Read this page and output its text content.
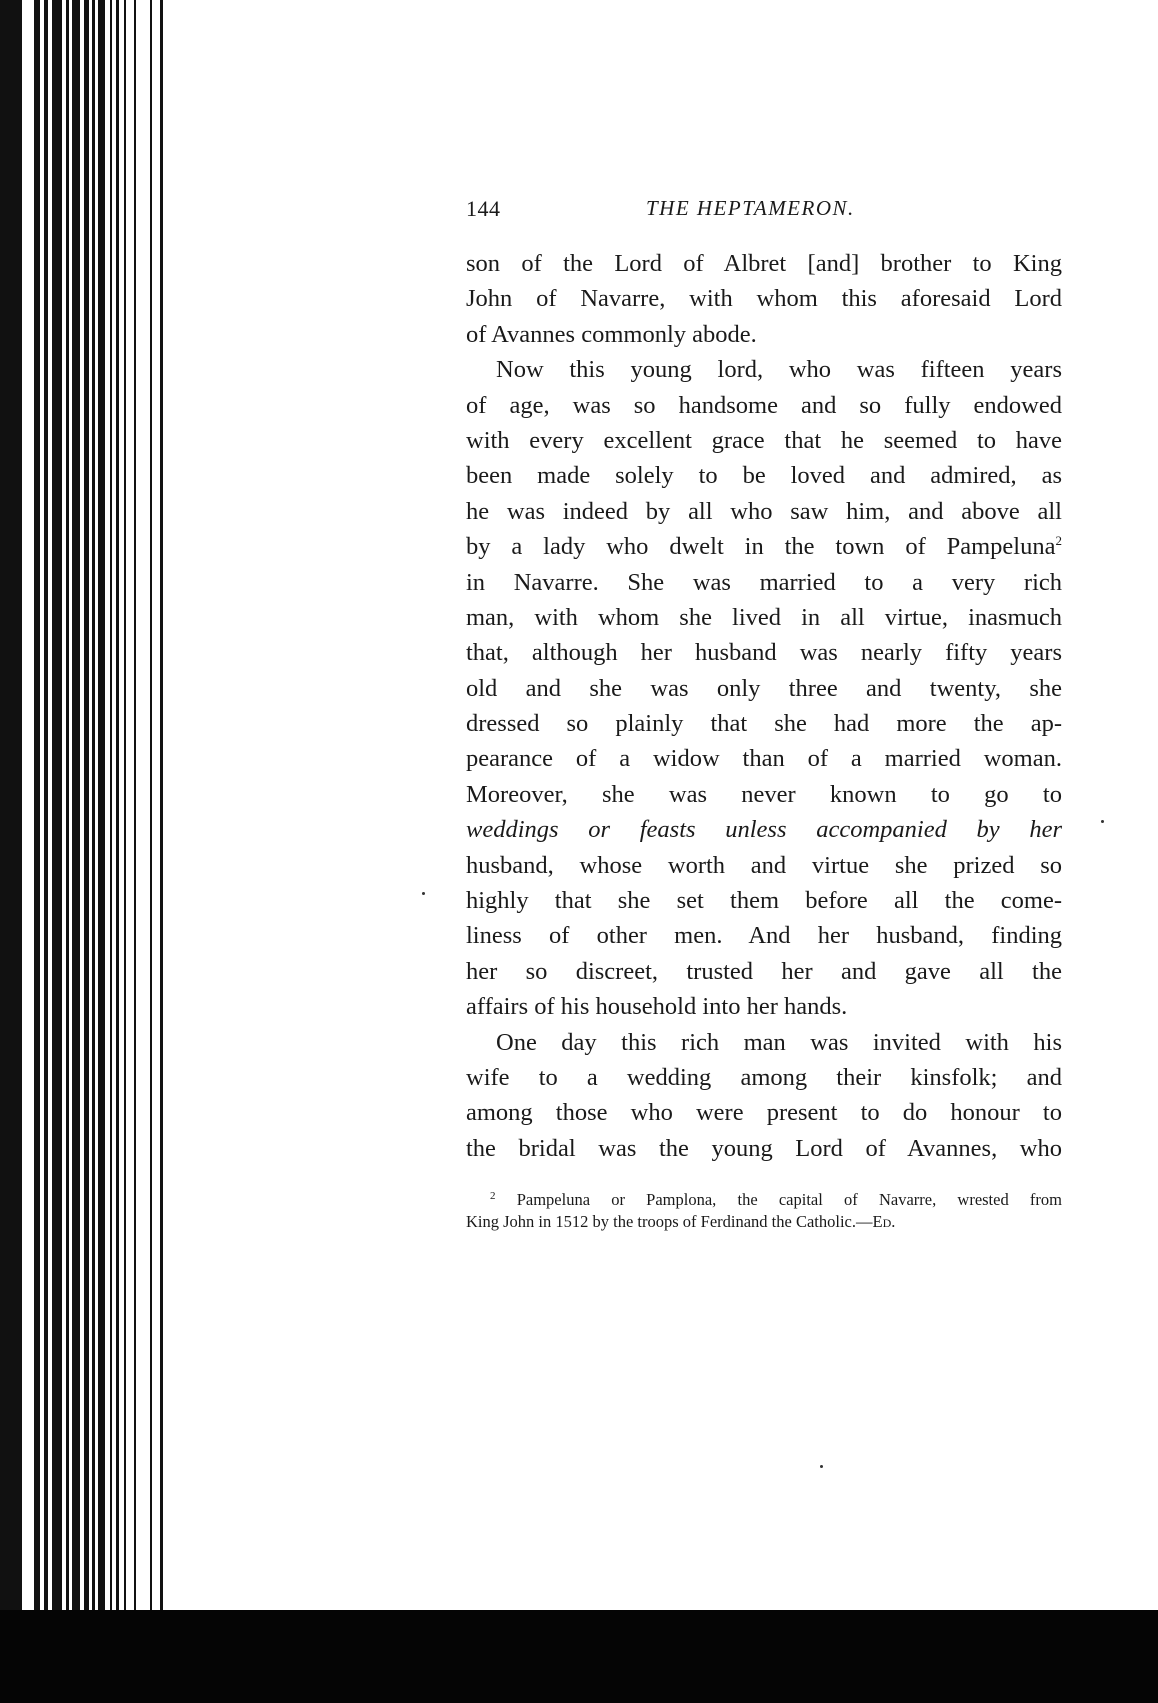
144	THE HEPTAMERON.
son of the Lord of Albret [and] brother to King
John of Navarre, with whom this aforesaid Lord
of Avannes commonly abode.
Now this young lord, who was fifteen years
of age, was so handsome and so fully endowed
with every excellent grace that he seemed to have
been made solely to be loved and admired, as
he was indeed by all who saw him, and above all
by a lady who dwelt in the town of Pampeluna$^2$
in Navarre. She was married to a very rich
man, with whom she lived in all virtue, inasmuch
that, although her husband was nearly fifty years
old and she was only three and twenty, she
dressed so plainly that she had more the ap-
pearance of a widow than of a married woman.
Moreover, she was never known to go to
weddings or feasts unless accompanied by her
husband, whose worth and virtue she prized so
highly that she set them before all the come-
liness of other men. And her husband, finding
her so discreet, trusted her and gave all the
affairs of his household into her hands.
One day this rich man was invited with his
wife to a wedding among their kinsfolk; and
among those who were present to do honour to
the bridal was the young Lord of Avannes, who
$^2$ Pampeluna or Pamplona, the capital of Navarre, wrested from
King John in 1512 by the troops of Ferdinand the Catholic.—Ed.
